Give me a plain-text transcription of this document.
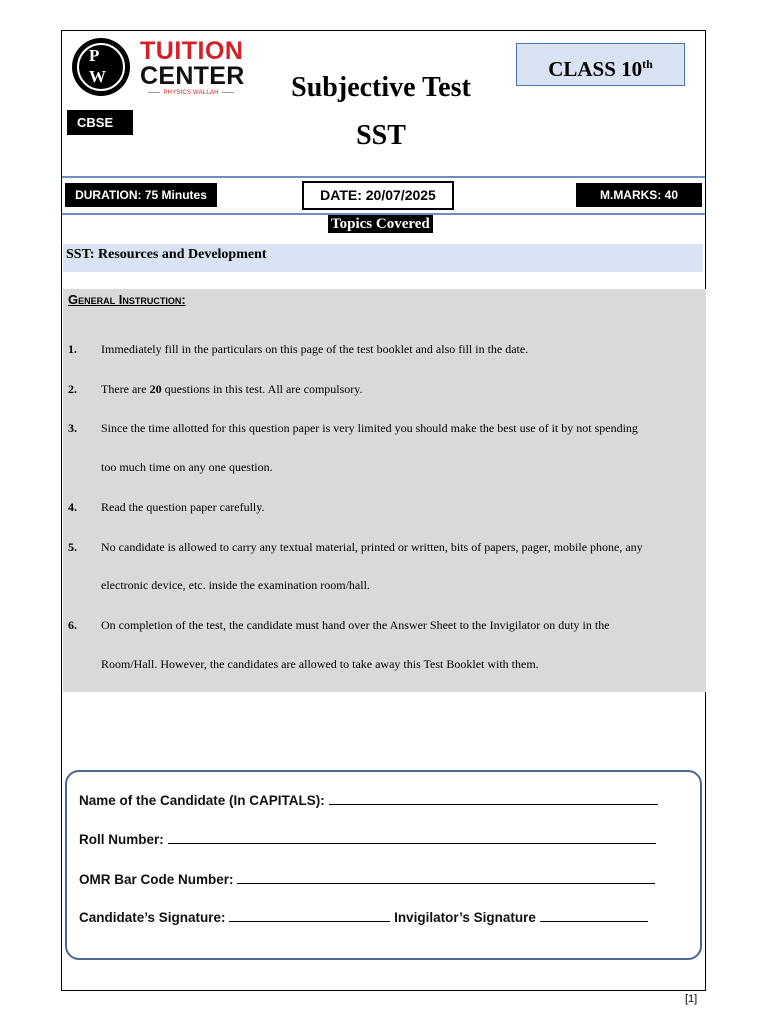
P
W
TUITION
CENTER
PHYSICS WALLAH
CBSE
Subjective Test
SST
CLASS 10th
DURATION: 75 Minutes	DATE: 20/07/2025	M.MARKS: 40
Topics Covered
SST: Resources and Development
General Instruction:
1. Immediately fill in the particulars on this page of the test booklet and also fill in the date.
2. There are 20 questions in this test. All are compulsory.
3. Since the time allotted for this question paper is very limited you should make the best use of it by not spending
too much time on any one question.
4. Read the question paper carefully.
5. No candidate is allowed to carry any textual material, printed or written, bits of papers, pager, mobile phone, any
electronic device, etc. inside the examination room/hall.
6. On completion of the test, the candidate must hand over the Answer Sheet to the Invigilator on duty in the
Room/Hall. However, the candidates are allowed to take away this Test Booklet with them.
Name of the Candidate (In CAPITALS):
Roll Number:
OMR Bar Code Number:
Candidate’s Signature:	Invigilator’s Signature
[1]
